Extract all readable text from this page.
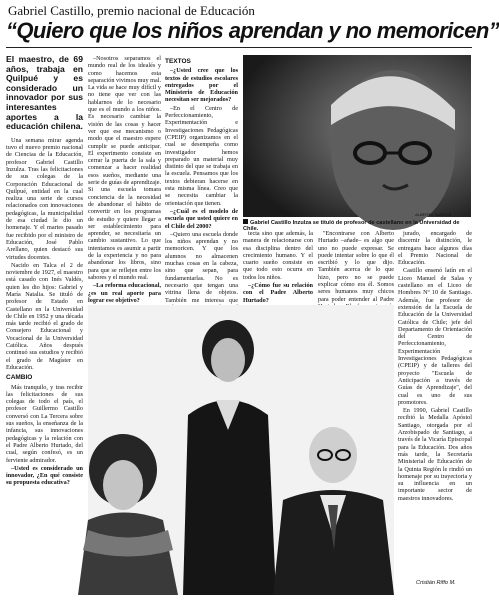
Gabriel Castillo, premio nacional de Educación
“Quiero que los niños aprendan y no memoricen”
El maestro, de 69 años, trabaja en Quilpué y es considerado un innovador por sus interesantes aportes a la educación chilena.

Una semana mirar agenda tuvo el nuevo premio nacional de Ciencias de la Educación, profesor Gabriel Castillo Inzulza. Tras las felicitaciones de sus colegas de la Corporación Educacional de Quilpué, entidad en la cual realiza una serie de cursos relacionados con innovaciones pedagógicas, la municipalidad de esa ciudad le dio un homenaje. Y el martes pasado fue recibido por el ministro de Educación, José Pablo Arellano, quien destacó sus virtudes docentes.

Nacido en Talca el 2 de noviembre de 1927, el maestro está casado con Inés Valdés, quien les dio hijos: Gabriel y María Natalia. Se tituló de profesor de Estado en Castellano en la Universidad de Chile en 1952 y una década más tarde recibió el grado de Consejero Educacional y Vocacional de la Universidad Católica. Años después continuó sus estudios y recibió el grado de Magíster en Educación.

CAMBIO

Más tranquilo, y tras recibir las felicitaciones de sus colegas de todo el país, el profesor Guillermo Castillo conversó con La Tercera sobre sus sueños, la enseñanza de la infancia, sus innovaciones pedagógicas y la relación con el Padre Alberto Hurtado, del cual, según confesó, es un ferviente admirador.

–Usted es considerado un innovador, ¿En qué consiste su propuesta educativa?

–Nosotros separamos el mundo real de los idealés y como hacemos esta separación vivimos muy mal. La vida se hace muy difícil y no tiene que ver con las hablarnos de lo necesario que es el mundo a los niños. Es necesario cambiar la visión de las cosas y hacer ver que ese mecanismo o modo que el maestro espere cumplir se puede anticipar. El experimento consiste en cerrar la puerta de la sala y comenzar a hacer realidad esos sueños, mediante una serie de guías de aprendizaje. Si una escuela tomara conciencia de la necesidad de abandonar el hábito de convertir en los programas de estudio y quiere llegar a ser establecimiento para aprender, se necesitaría un cambio sustantivo. Lo que intentamos es asumir a partir de la experiencia y no para abandonar los libros, sino para que se reflejen entre los sabores y el mundo real.

–La reforma educacional, ¿es un real aporte para lograr ese objetivo?

TEXTOS

–¿Usted cree que los textos de estudios escolares entregados por el Ministerio de Educación necesitan ser mejorados?

–En el Centro de Perfeccionamiento, Experimentación e Investigaciones Pedagógicas (CPEIP) organizamos en el cual se desempeña como investigador hemos preparado un material muy distinto del que se trabaja en la escuela. Pensamos que los textos debieran hacerse en esta misma línea. Creo que se necesita cambiar la orientación que tienen.

–¿Cuál es el modelo de escuela que usted quiere en el Chile del 2000?

–Quiero una escuela donde los niños aprendan y no memoricen. Y que los alumnos no almacenen muchas cosas en la cabeza, sino que sepan, para fundamentarlas. No es necesario que tengan una vitrina llena de objetos. También me interesa que

ALBERTO SANTOS
Gabriel Castillo Inzulza se tituló de profesor de castellano en la Universidad de Chile.

tecta sino que además, la manera de relacionarse con esa disciplina dentro del crecimiento humano. Y el cuarto sueño consiste en que todo esto ocurra en todos los niños.

–¿Cómo fue su relación con el Padre Alberto Hurtado?

"Encontrarse con Alberto Hurtado –añade– es algo que uno no puede expresar. Se puede intentar sobre lo que él escribió y lo que dijo. También acerca de lo que hizo, pero no se puede explicar cómo era él. Somos seres humanos muy chicos para poder entender al Padre

jurado, encargado de discernir la distinción, le entregara hace algunos días el Premio Nacional de Educación.

Castillo ensenó latín en el Liceo Manuel de Salas y castellano en el Liceo de Hombres Nº 10 de Santiago. Además, fue profesor de extensión de la Escuela de Educación de la Universidad Católica de Chile; jefe del Departamento de Orientación del Centro de Perfeccionamiento, Experimentación e Investigaciones Pedagógicas (CPEIP) y de talleres del proyecto "Escuela de Anticipación a través de Guías de Aprendizaje", del cual es uno de sus promotores.

En 1990, Gabriel Castillo recibió la Medalla Apóstol Santiago, otorgada por el Arzobispado de Santiago, a través de la Vicaría Episcopal para la Educación. Dos años más tarde, la Secretaría Ministerial de Educación de la Quinta Región le rindió un homenaje por su trayectoria y su influencia en un importante sector de maestros innovadores.

Cristián Riffo M.
